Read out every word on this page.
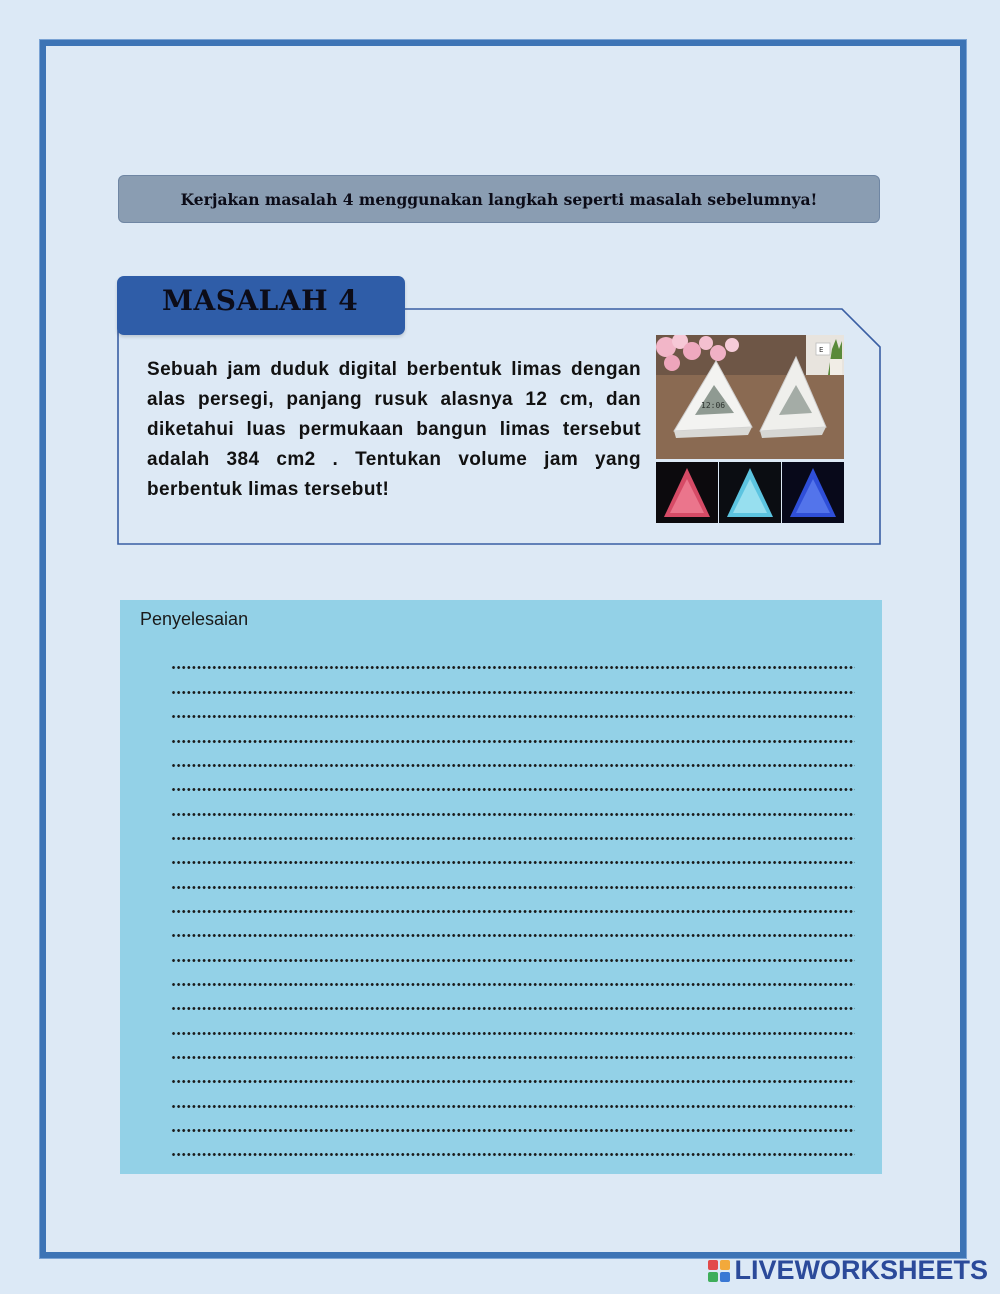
Kerjakan masalah 4 menggunakan langkah seperti masalah sebelumnya!
MASALAH 4
Sebuah jam duduk digital berbentuk limas dengan alas persegi, panjang rusuk alasnya 12 cm, dan diketahui luas permukaan bangun limas tersebut adalah 384 cm2 . Tentukan volume jam yang berbentuk limas tersebut!
E
12:06
Penyelesaian
LIVEWORKSHEETS
